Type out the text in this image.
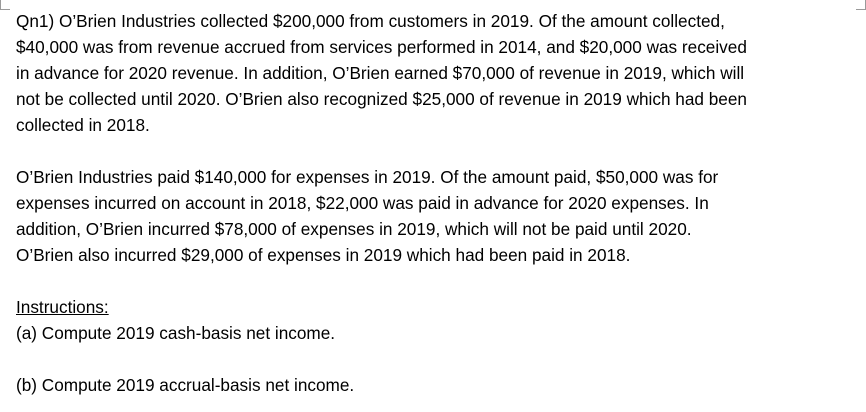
Qn1) O’Brien Industries collected $200,000 from customers in 2019. Of the amount collected,
$40,000 was from revenue accrued from services performed in 2014, and $20,000 was received
in advance for 2020 revenue. In addition, O’Brien earned $70,000 of revenue in 2019, which will
not be collected until 2020. O’Brien also recognized $25,000 of revenue in 2019 which had been
collected in 2018.

O’Brien Industries paid $140,000 for expenses in 2019. Of the amount paid, $50,000 was for
expenses incurred on account in 2018, $22,000 was paid in advance for 2020 expenses. In
addition, O’Brien incurred $78,000 of expenses in 2019, which will not be paid until 2020.
O’Brien also incurred $29,000 of expenses in 2019 which had been paid in 2018.

Instructions:
(a) Compute 2019 cash-basis net income.
(b) Compute 2019 accrual-basis net income.
